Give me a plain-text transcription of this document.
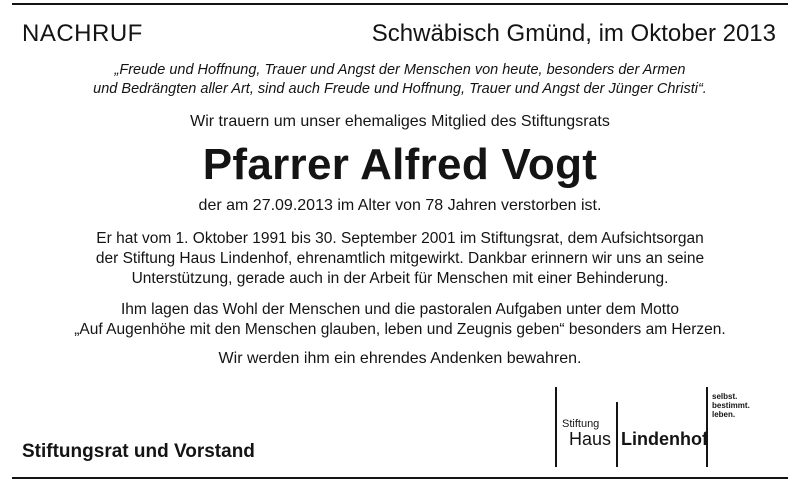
NACHRUF	Schwäbisch Gmünd, im Oktober 2013
„Freude und Hoffnung, Trauer und Angst der Menschen von heute, besonders der Armen
und Bedrängten aller Art, sind auch Freude und Hoffnung, Trauer und Angst der Jünger Christi“.
Wir trauern um unser ehemaliges Mitglied des Stiftungsrats
Pfarrer Alfred Vogt
der am 27.09.2013 im Alter von 78 Jahren verstorben ist.
Er hat vom 1. Oktober 1991 bis 30. September 2001 im Stiftungsrat, dem Aufsichtsorgan
der Stiftung Haus Lindenhof, ehrenamtlich mitgewirkt. Dankbar erinnern wir uns an seine
Unterstützung, gerade auch in der Arbeit für Menschen mit einer Behinderung.
Ihm lagen das Wohl der Menschen und die pastoralen Aufgaben unter dem Motto
„Auf Augenhöhe mit den Menschen glauben, leben und Zeugnis geben“ besonders am Herzen.
Wir werden ihm ein ehrendes Andenken bewahren.
Stiftungsrat und Vorstand
Stiftung
Haus Lindenhof
selbst.
bestimmt.
leben.
